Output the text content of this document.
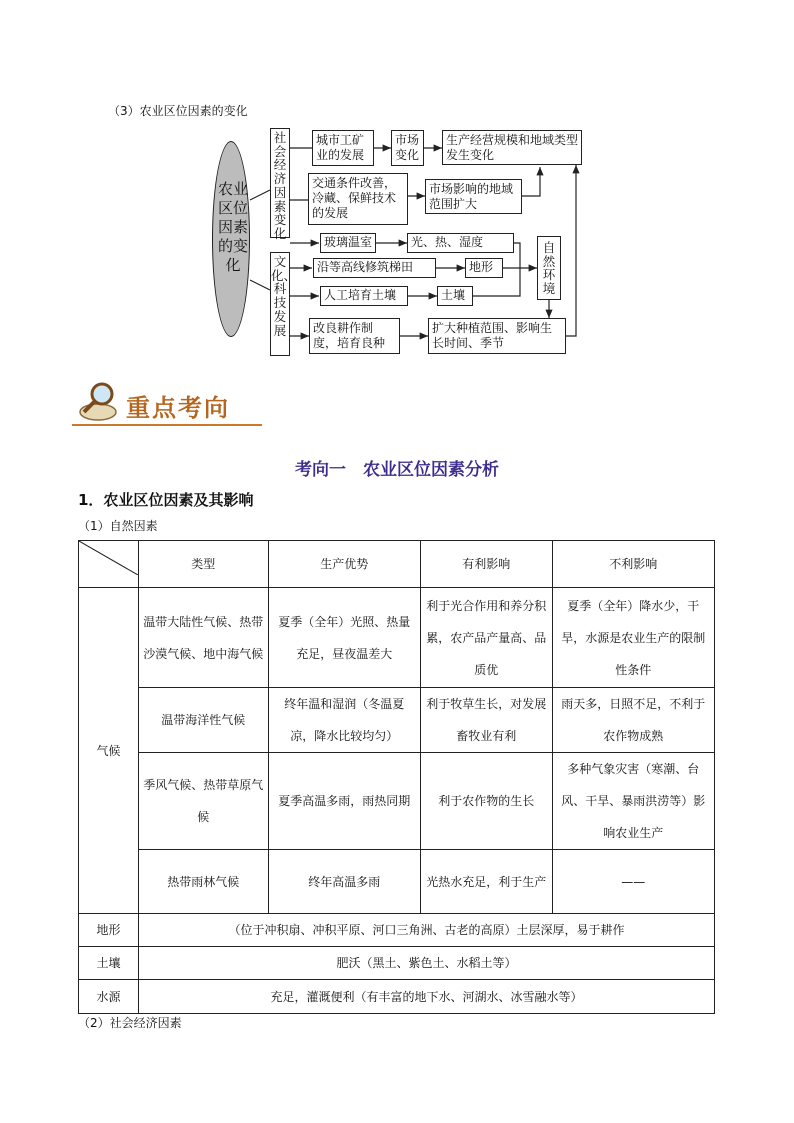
（3）农业区位因素的变化
农业区位因素的变化
社会经济因素变化
文化、科技发展
城市工矿业的发展
市场变化
生产经营规模和地域类型发生变化
交通条件改善，冷藏、保鲜技术的发展
市场影响的地域范围扩大
玻璃温室	光、热、湿度
沿等高线修筑梯田	地形
人工培育土壤	土壤
自然环境
改良耕作制度，培育良种
扩大种植范围、影响生长时间、季节
重点考向
考向一　农业区位因素分析
1．农业区位因素及其影响
（1）自然因素
	类型	生产优势	有利影响	不利影响
气候	温带大陆性气候、热带沙漠气候、地中海气候	夏季（全年）光照、热量充足，昼夜温差大	利于光合作用和养分积累，农产品产量高、品质优	夏季（全年）降水少，干旱，水源是农业生产的限制性条件
	温带海洋性气候	终年温和湿润（冬温夏凉，降水比较均匀）	利于牧草生长，对发展畜牧业有利	雨天多，日照不足，不利于农作物成熟
	季风气候、热带草原气候	夏季高温多雨，雨热同期	利于农作物的生长	多种气象灾害（寒潮、台风、干旱、暴雨洪涝等）影响农业生产
	热带雨林气候	终年高温多雨	光热水充足，利于生产	——
地形	（位于冲积扇、冲积平原、河口三角洲、古老的高原）土层深厚，易于耕作			
土壤	肥沃（黑土、紫色土、水稻土等）			
水源	充足，灌溉便利（有丰富的地下水、河湖水、冰雪融水等）			
（2）社会经济因素
